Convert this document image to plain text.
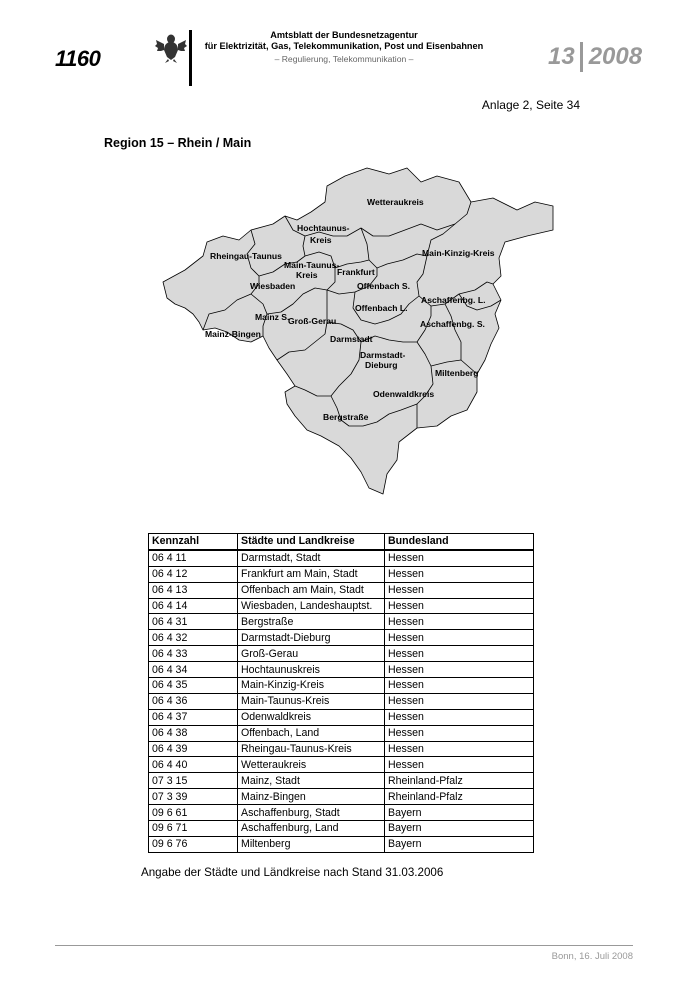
1160
Amtsblatt der Bundesnetzagentur
für Elektrizität, Gas, Telekommunikation, Post und Eisenbahnen
– Regulierung, Telekommunikation –	13 2008
Anlage 2, Seite 34
Region 15 – Rhein / Main
Wetteraukreis
Hochtaunus-
Kreis
Rheingau-Taunus
Main-Taunus-
Kreis
Main-Kinzig-Kreis
Frankfurt
Wiesbaden	Offenbach S.
Aschaffenbg. L.
Offenbach L.
Mainz S.
Groß-Gerau	Aschaffenbg. S.
Mainz-Bingen	Darmstadt
Darmstadt-
Dieburg
Miltenberg
Odenwaldkreis
Bergstraße
Kennzahl	Städte und Landkreise	Bundesland
06 4 11	Darmstadt, Stadt	Hessen
06 4 12	Frankfurt am Main, Stadt	Hessen
06 4 13	Offenbach am Main, Stadt	Hessen
06 4 14	Wiesbaden, Landeshauptst.	Hessen
06 4 31	Bergstraße	Hessen
06 4 32	Darmstadt-Dieburg	Hessen
06 4 33	Groß-Gerau	Hessen
06 4 34	Hochtaunuskreis	Hessen
06 4 35	Main-Kinzig-Kreis	Hessen
06 4 36	Main-Taunus-Kreis	Hessen
06 4 37	Odenwaldkreis	Hessen
06 4 38	Offenbach, Land	Hessen
06 4 39	Rheingau-Taunus-Kreis	Hessen
06 4 40	Wetteraukreis	Hessen
07 3 15	Mainz, Stadt	Rheinland-Pfalz
07 3 39	Mainz-Bingen	Rheinland-Pfalz
09 6 61	Aschaffenburg, Stadt	Bayern
09 6 71	Aschaffenburg, Land	Bayern
09 6 76	Miltenberg	Bayern
Angabe der Städte und Ländkreise nach Stand 31.03.2006
Bonn, 16. Juli 2008
